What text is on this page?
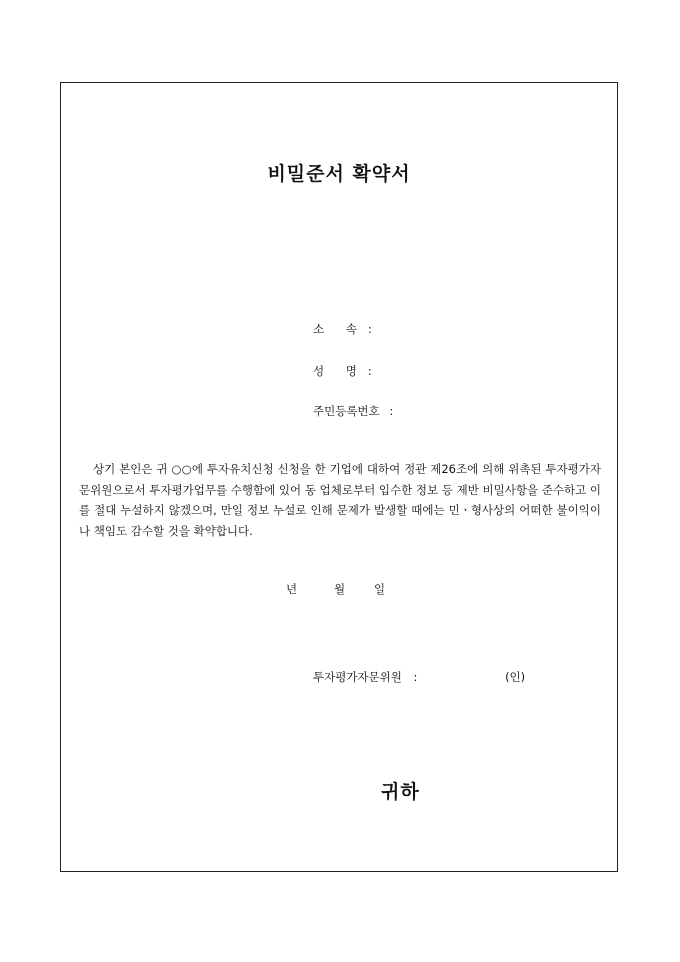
비밀준서 확약서
소 속 :
성 명 :
주민등록번호 :
상기 본인은 귀 ○○에 투자유치신청 신청을 한 기업에 대하여 정관 제26조에 의해 위촉된 투자평가자문위원으로서 투자평가업무를 수행함에 있어 동 업체로부터 입수한 정보 등 제반 비밀사항을 준수하고 이를 절대 누설하지 않겠으며, 만일 정보 누설로 인해 문제가 발생할 때에는 민ㆍ형사상의 어떠한 불이익이나 책임도 감수할 것을 확약합니다.
년	월	일
투자평가자문위원 :	(인)
귀하
